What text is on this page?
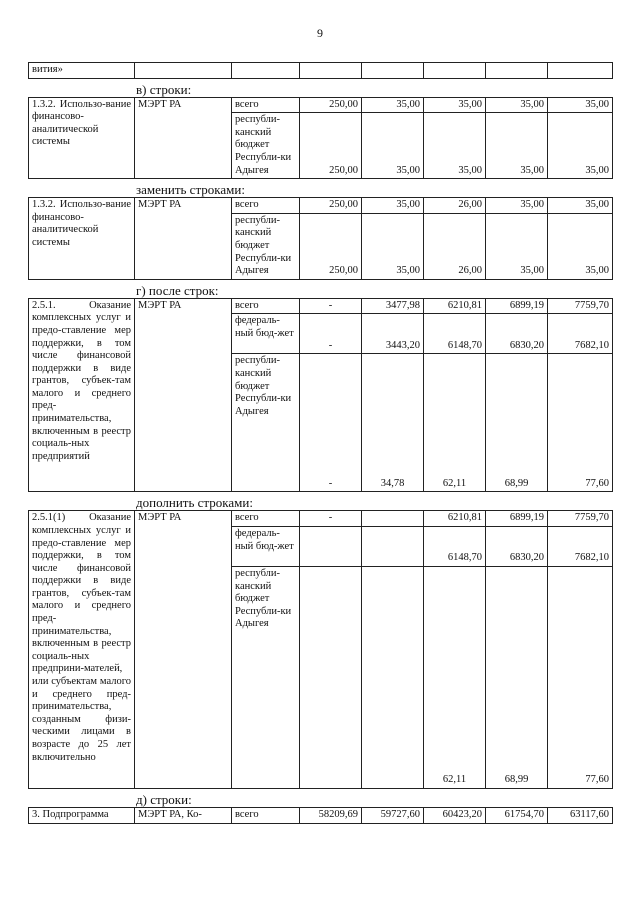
9
вития»							
в) строки:
1.3.2. Использо-вание финансово-аналитической системы	МЭРТ РА	всего	250,00	35,00	35,00	35,00	35,00
		республи-канский бюджет Республи-ки Адыгея	250,00	35,00	35,00	35,00	35,00
заменить строками:
1.3.2. Использо-вание финансово-аналитической системы	МЭРТ РА	всего	250,00	35,00	26,00	35,00	35,00
		республи-канский бюджет Республи-ки Адыгея	250,00	35,00	26,00	35,00	35,00
г) после строк:
2.5.1. Оказание комплексных услуг и предо-ставление мер поддержки, в том числе финансовой поддержки в виде грантов, субъек-там малого и среднего пред-принимательства, включенным в реестр социаль-ных предприятий	МЭРТ РА	всего	-	3477,98	6210,81	6899,19	7759,70
		федераль-ный бюд-жет	-	3443,20	6148,70	6830,20	7682,10
		республи-канский бюджет Республи-ки Адыгея	-	34,78	62,11	68,99	77,60
дополнить строками:
2.5.1(1) Оказание комплексных услуг и предо-ставление мер поддержки, в том числе финансовой поддержки в виде грантов, субъек-там малого и среднего пред-принимательства, включенным в реестр социаль-ных предприни-мателей, или субъектам малого и среднего пред-принимательства, созданным физи-ческими лицами в возрасте до 25 лет включительно	МЭРТ РА	всего	-		6210,81	6899,19	7759,70
		федераль-ный бюд-жет			6148,70	6830,20	7682,10
		республи-канский бюджет Республи-ки Адыгея			62,11	68,99	77,60
д) строки:
3. Подпрограмма	МЭРТ РА, Ко-	всего	58209,69	59727,60	60423,20	61754,70	63117,60
